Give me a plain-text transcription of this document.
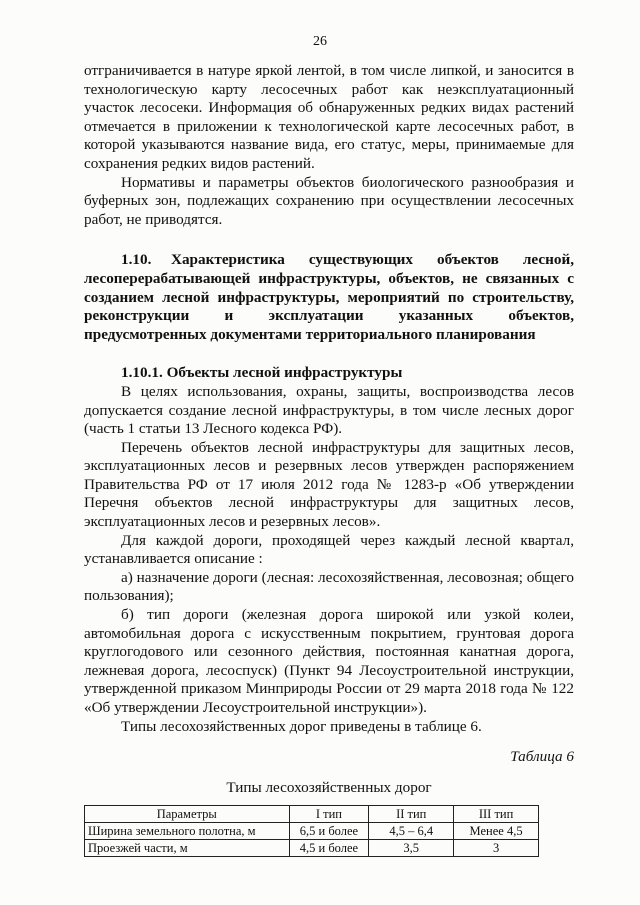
26

отграничивается в натуре яркой лентой, в том числе липкой, и заносится в технологическую карту лесосечных работ как неэксплуатационный участок лесосеки. Информация об обнаруженных редких видах растений отмечается в приложении к технологической карте лесосечных работ, в которой указываются название вида, его статус, меры, принимаемые для сохранения редких видов растений.

Нормативы и параметры объектов биологического разнообразия и буферных зон, подлежащих сохранению при осуществлении лесосечных работ, не приводятся.

1.10. Характеристика существующих объектов лесной, лесоперерабатывающей инфраструктуры, объектов, не связанных с созданием лесной инфраструктуры, мероприятий по строительству, реконструкции и эксплуатации указанных объектов, предусмотренных документами территориального планирования

1.10.1. Объекты лесной инфраструктуры

В целях использования, охраны, защиты, воспроизводства лесов допускается создание лесной инфраструктуры, в том числе лесных дорог (часть 1 статьи 13 Лесного кодекса РФ).

Перечень объектов лесной инфраструктуры для защитных лесов, эксплуатационных лесов и резервных лесов утвержден распоряжением Правительства РФ от 17 июля 2012 года № 1283-р «Об утверждении Перечня объектов лесной инфраструктуры для защитных лесов, эксплуатационных лесов и резервных лесов».

Для каждой дороги, проходящей через каждый лесной квартал, устанавливается описание :

а) назначение дороги (лесная: лесохозяйственная, лесовозная; общего пользования);

б) тип дороги (железная дорога широкой или узкой колеи, автомобильная дорога с искусственным покрытием, грунтовая дорога круглогодового или сезонного действия, постоянная канатная дорога, лежневая дорога, лесоспуск) (Пункт 94 Лесоустроительной инструкции, утвержденной приказом Минприроды России от 29 марта 2018 года № 122 «Об утверждении Лесоустроительной инструкции»).

Типы лесохозяйственных дорог приведены в таблице 6.

Таблица 6

Типы лесохозяйственных дорог

Параметры	I тип	II тип	III тип
Ширина земельного полотна, м	6,5 и более	4,5 – 6,4	Менее 4,5
Проезжей части, м	4,5 и более	3,5	3
